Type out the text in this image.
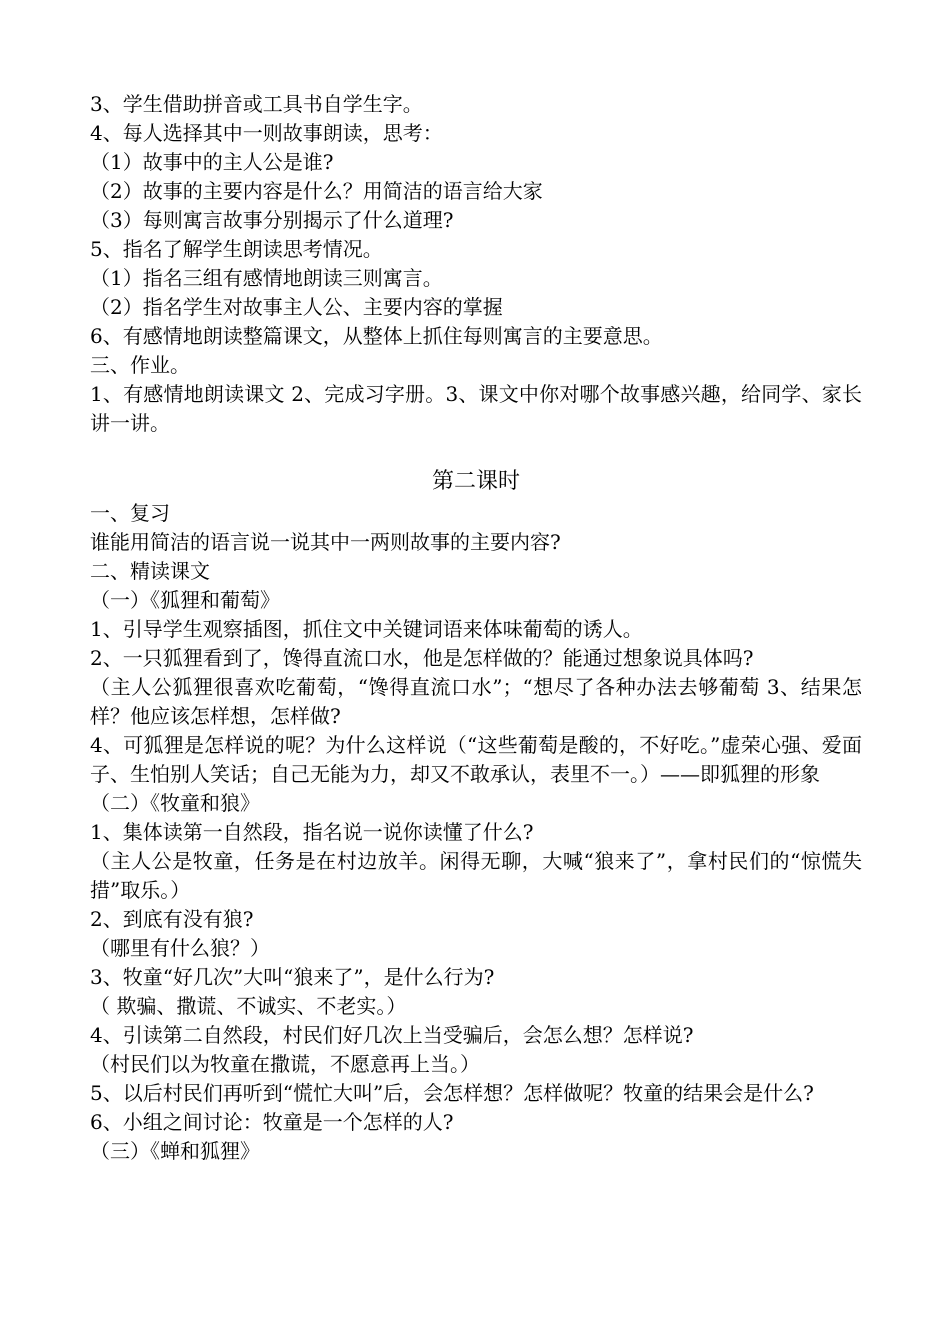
3、学生借助拼音或工具书自学生字。
4、每人选择其中一则故事朗读，思考：
（1）故事中的主人公是谁?
（2）故事的主要内容是什么？用简洁的语言给大家
（3）每则寓言故事分别揭示了什么道理?
5、指名了解学生朗读思考情况。
（1）指名三组有感情地朗读三则寓言。
（2）指名学生对故事主人公、主要内容的掌握
6、有感情地朗读整篇课文，从整体上抓住每则寓言的主要意思。
三、作业。
1、有感情地朗读课文 2、完成习字册。3、课文中你对哪个故事感兴趣，给同学、家长讲一讲。
第二课时
一、复习
谁能用简洁的语言说一说其中一两则故事的主要内容?
二、精读课文
（一）《狐狸和葡萄》
1、引导学生观察插图，抓住文中关键词语来体味葡萄的诱人。
2、一只狐狸看到了，馋得直流口水，他是怎样做的？能通过想象说具体吗?
（主人公狐狸很喜欢吃葡萄，“馋得直流口水”；“想尽了各种办法去够葡萄 3、结果怎样？他应该怎样想，怎样做?
4、可狐狸是怎样说的呢？为什么这样说（“这些葡萄是酸的，不好吃。”虚荣心强、爱面子、生怕别人笑话；自己无能为力，却又不敢承认，表里不一。）——即狐狸的形象
（二）《牧童和狼》
1、集体读第一自然段，指名说一说你读懂了什么?
（主人公是牧童，任务是在村边放羊。闲得无聊，大喊“狼来了”，拿村民们的“惊慌失措”取乐。）
2、到底有没有狼?
（哪里有什么狼？）
3、牧童“好几次”大叫“狼来了”，是什么行为?
（ 欺骗、撒谎、不诚实、不老实。）
4、引读第二自然段，村民们好几次上当受骗后，会怎么想？怎样说?
（村民们以为牧童在撒谎，不愿意再上当。）
5、以后村民们再听到“慌忙大叫”后，会怎样想？怎样做呢？牧童的结果会是什么?
6、小组之间讨论：牧童是一个怎样的人?
（三）《蝉和狐狸》
